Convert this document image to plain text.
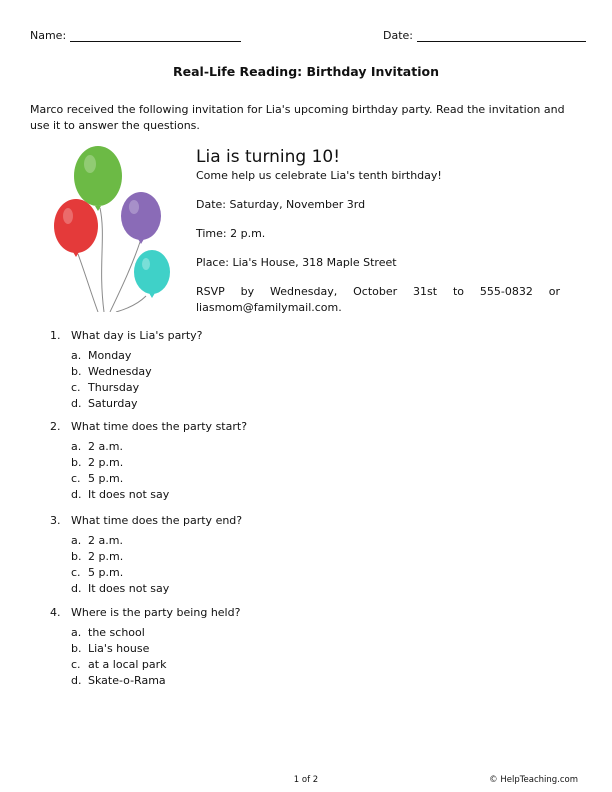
Name:	Date:
Real-Life Reading: Birthday Invitation
Marco received the following invitation for Lia's upcoming birthday party. Read the invitation and use it to answer the questions.
Lia is turning 10!

Come help us celebrate Lia's tenth birthday!

Date: Saturday, November 3rd

Time: 2 p.m.

Place: Lia's House, 318 Maple Street

RSVP by Wednesday, October 31st to 555-0832 or

liasmom@familymail.com.

1. What day is Lia's party?
a. Monday
b. Wednesday
c. Thursday
d. Saturday
2. What time does the party start?
a. 2 a.m.
b. 2 p.m.
c. 5 p.m.
d. It does not say
3. What time does the party end?
a. 2 a.m.
b. 2 p.m.
c. 5 p.m.
d. It does not say
4. Where is the party being held?
a. the school
b. Lia's house
c. at a local park
d. Skate-o-Rama
1 of 2	© HelpTeaching.com
